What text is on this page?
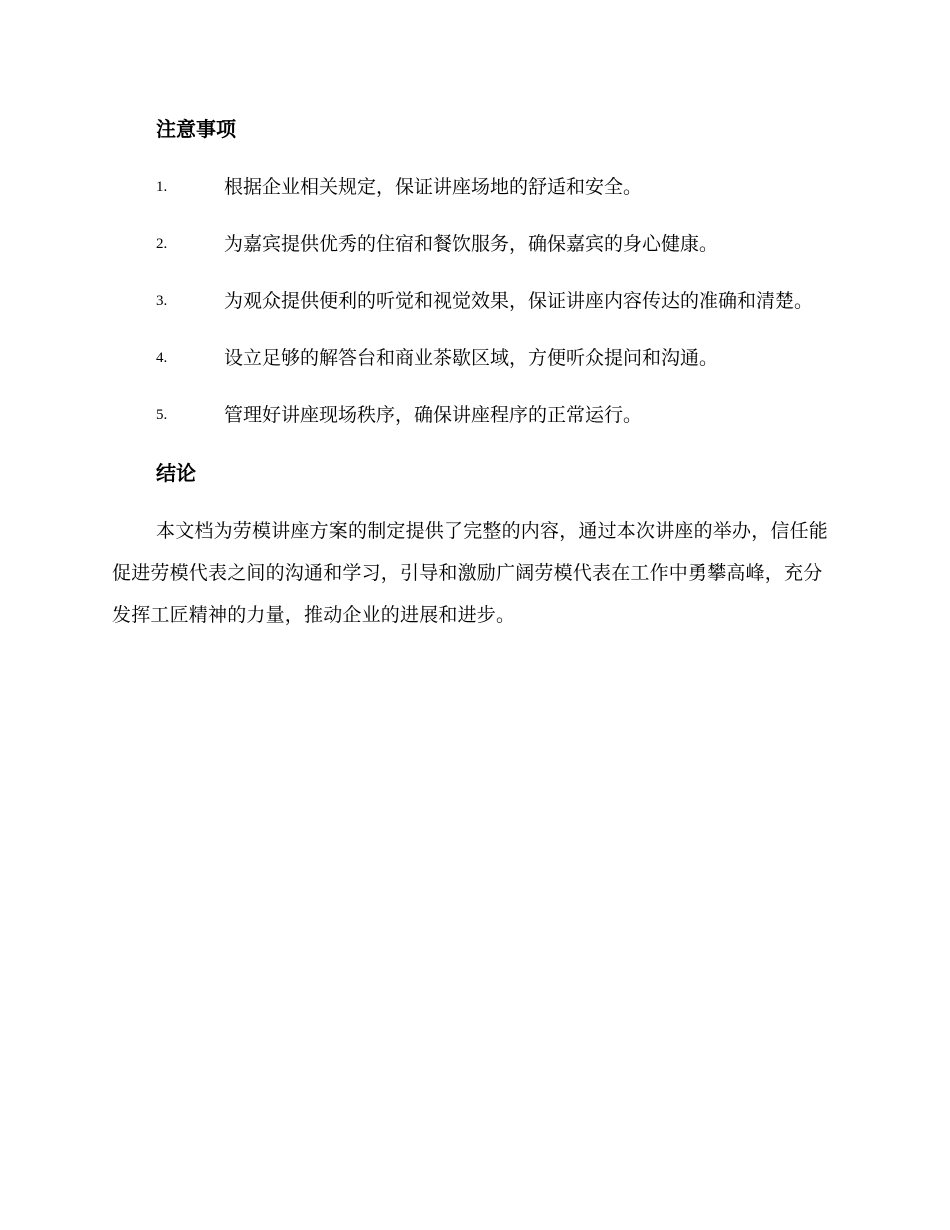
注意事项
1.	根据企业相关规定，保证讲座场地的舒适和安全。
2.	为嘉宾提供优秀的住宿和餐饮服务，确保嘉宾的身心健康。
3.	为观众提供便利的听觉和视觉效果，保证讲座内容传达的准确和清楚。
4.	设立足够的解答台和商业茶歇区域，方便听众提问和沟通。
5.	管理好讲座现场秩序，确保讲座程序的正常运行。
结论

本文档为劳模讲座方案的制定提供了完整的内容，通过本次讲座的举办，信任能促进劳模代表之间的沟通和学习，引导和激励广阔劳模代表在工作中勇攀高峰，充分发挥工匠精神的力量，推动企业的进展和进步。
